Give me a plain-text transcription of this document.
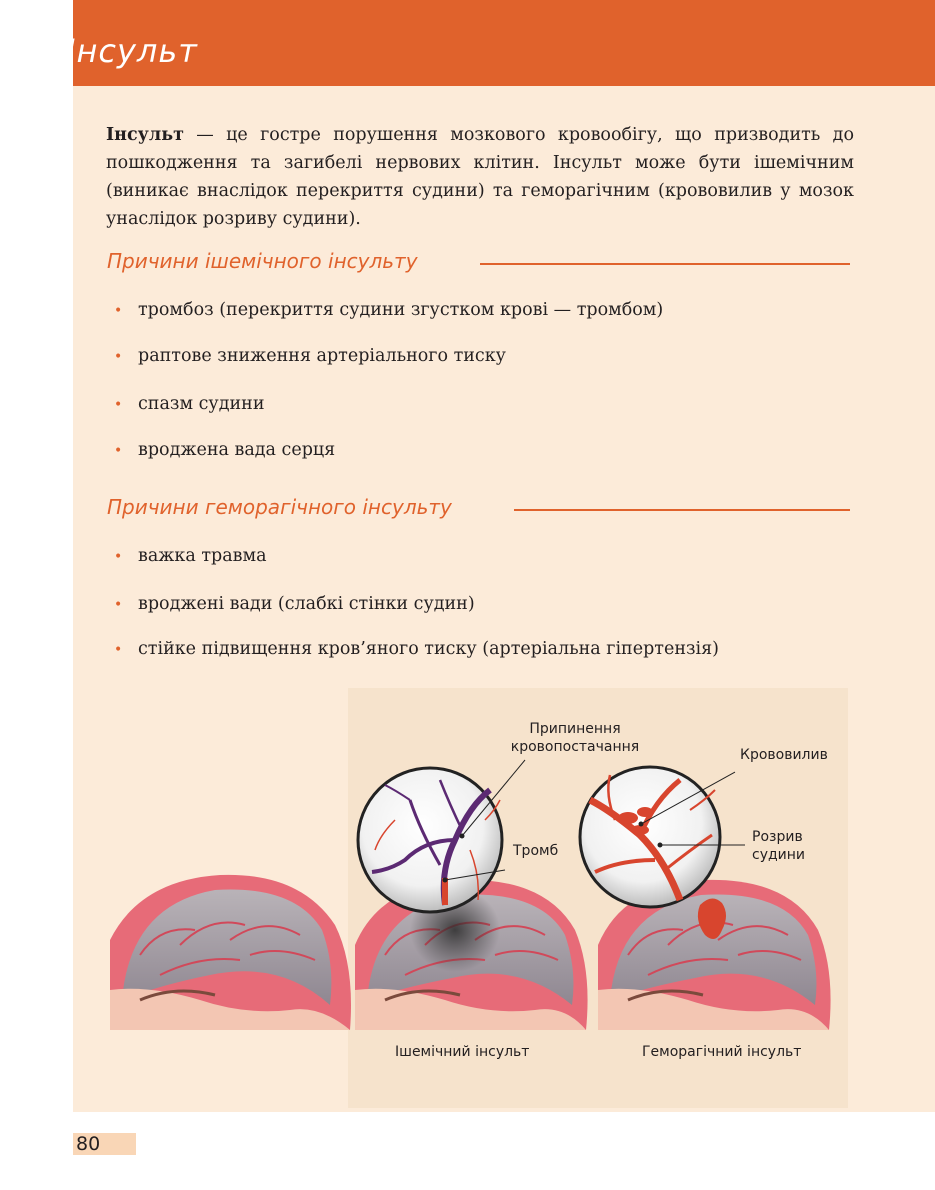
Інсульт
Інсульт — це гостре порушення мозкового кровообігу, що призводить до пошкодження та загибелі нервових клітин. Інсульт може бути ішемічним (виникає внаслідок перекриття судини) та геморагічним (крововилив у мозок унаслідок розриву судини).
Причини ішемічного інсульту
• тромбоз (перекриття судини згустком крові — тромбом)
• раптове зниження артеріального тиску
• спазм судини
• вроджена вада серця
Причини геморагічного інсульту
• важка травма
• вроджені вади (слабкі стінки судин)
• стійке підвищення кров’яного тиску (артеріальна гіпертензія)
Припинення
кровопостачання
Тромб
Крововилив
Розрив
судини
Ішемічний інсульт	Геморагічний інсульт
80
